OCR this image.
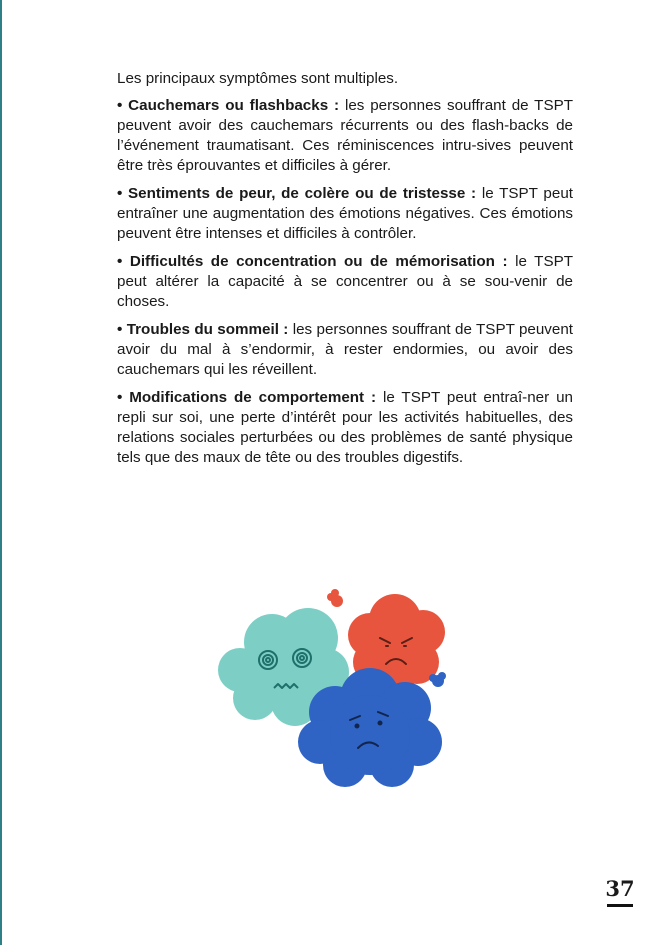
Les principaux symptômes sont multiples.

• Cauchemars ou flashbacks : les personnes souffrant de TSPT peuvent avoir des cauchemars récurrents ou des flash-backs de l’événement traumatisant. Ces réminiscences intru-sives peuvent être très éprouvantes et difficiles à gérer.

• Sentiments de peur, de colère ou de tristesse : le TSPT peut entraîner une augmentation des émotions négatives. Ces émotions peuvent être intenses et difficiles à contrôler.

• Difficultés de concentration ou de mémorisation : le TSPT peut altérer la capacité à se concentrer ou à se sou-venir de choses.

• Troubles du sommeil : les personnes souffrant de TSPT peuvent avoir du mal à s’endormir, à rester endormies, ou avoir des cauchemars qui les réveillent.

• Modifications de comportement : le TSPT peut entraî-ner un repli sur soi, une perte d’intérêt pour les activités habituelles, des relations sociales perturbées ou des problèmes de santé physique tels que des maux de tête ou des troubles digestifs.

37
